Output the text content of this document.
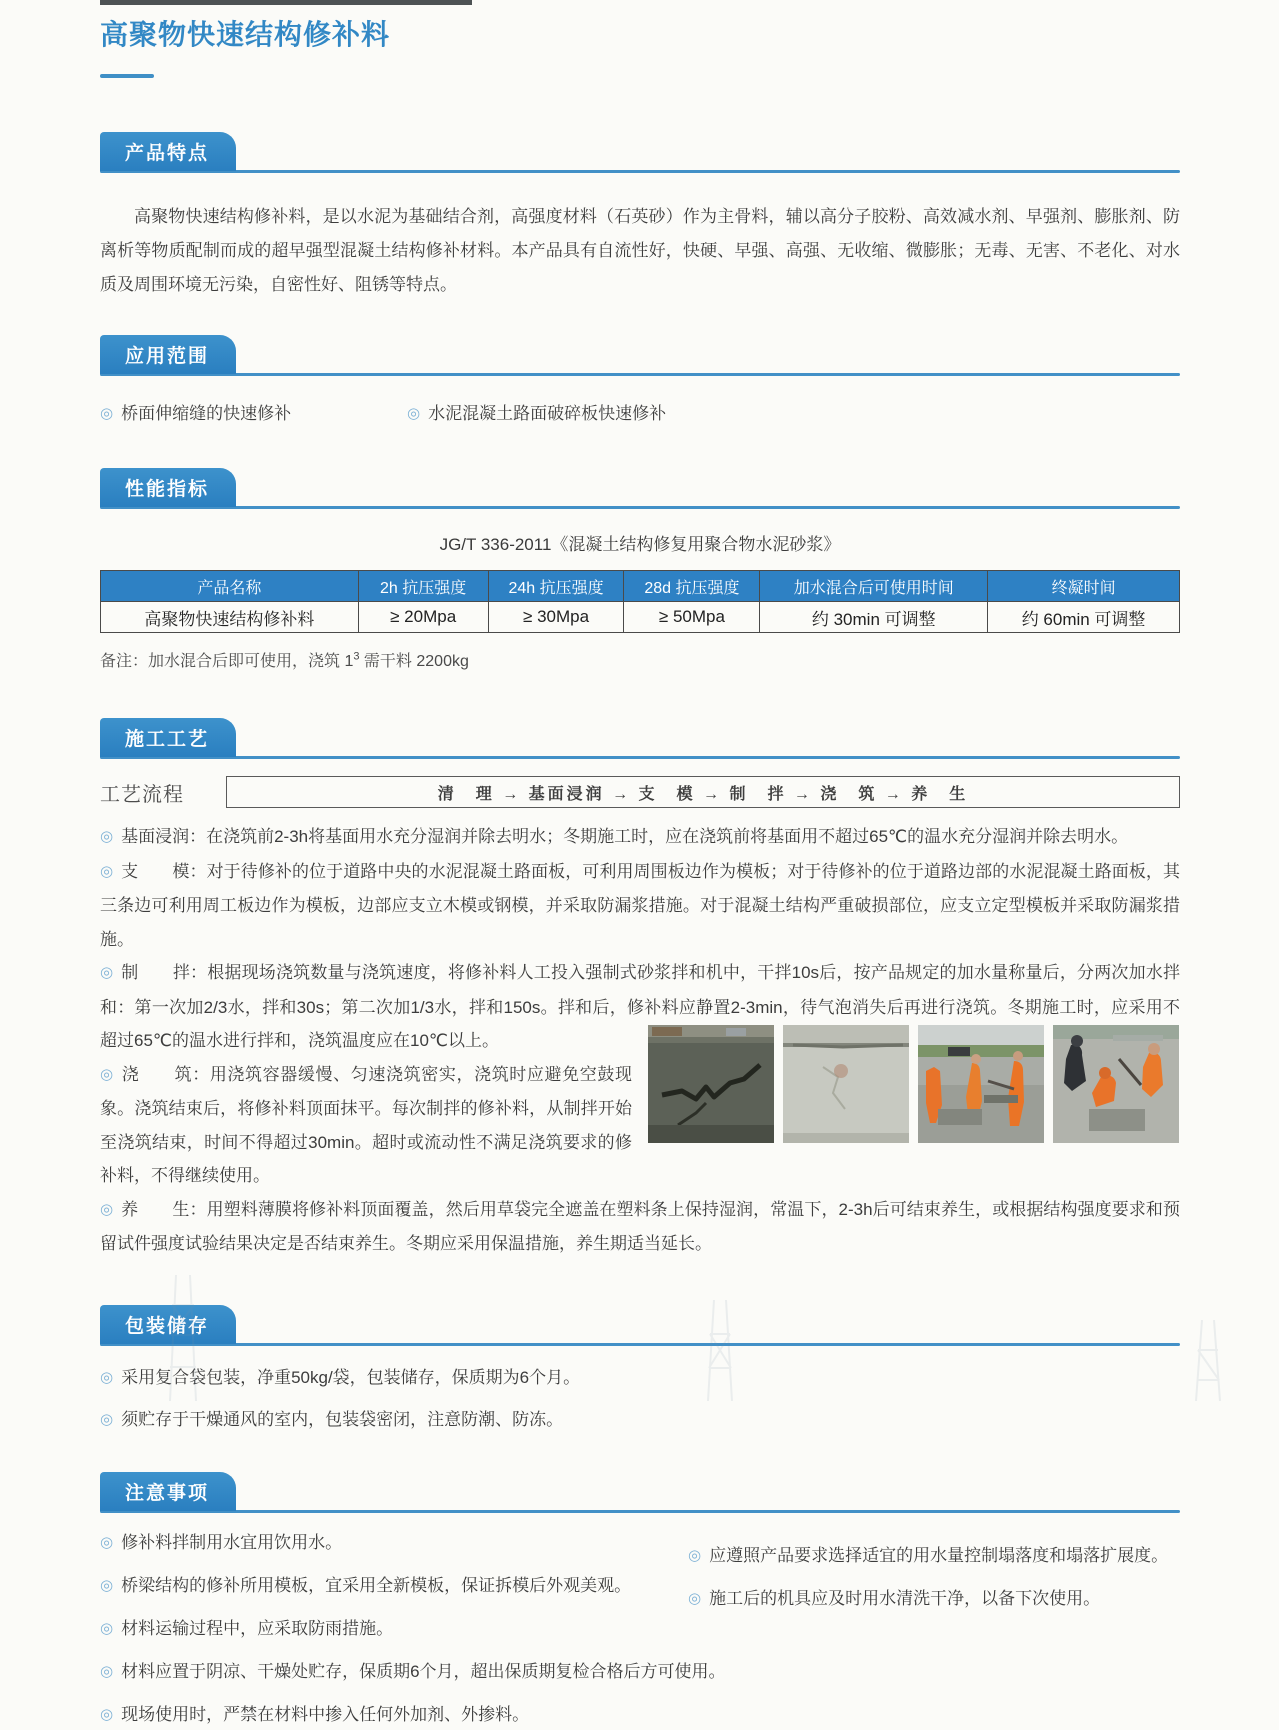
高聚物快速结构修补料
产品特点

高聚物快速结构修补料，是以水泥为基础结合剂，高强度材料（石英砂）作为主骨料，辅以高分子胶粉、高效减水剂、早强剂、膨胀剂、防离析等物质配制而成的超早强型混凝土结构修补材料。本产品具有自流性好，快硬、早强、高强、无收缩、微膨胀；无毒、无害、不老化、对水质及周围环境无污染，自密性好、阻锈等特点。

应用范围
◎ 桥面伸缩缝的快速修补	◎ 水泥混凝土路面破碎板快速修补
性能指标
JG/T 336-2011《混凝土结构修复用聚合物水泥砂浆》
产品名称	2h 抗压强度	24h 抗压强度	28d 抗压强度	加水混合后可使用时间	终凝时间
高聚物快速结构修补料	≥ 20Mpa	≥ 30Mpa	≥ 50Mpa	约 30min 可调整	约 60min 可调整
备注：加水混合后即可使用，浇筑 $1^3$ 需干料 2200kg
施工工艺
工艺流程	清　理 → 基面浸润 → 支　模 → 制　拌 → 浇　筑 → 养　生

◎ 基面浸润：在浇筑前2-3h将基面用水充分湿润并除去明水；冬期施工时，应在浇筑前将基面用不超过65℃的温水充分湿润并除去明水。

◎ 支　　模：对于待修补的位于道路中央的水泥混凝土路面板，可利用周围板边作为模板；对于待修补的位于道路边部的水泥混凝土路面板，其三条边可利用周工板边作为模板，边部应支立木模或钢模，并采取防漏浆措施。对于混凝土结构严重破损部位，应支立定型模板并采取防漏浆措施。

◎ 制　　拌：根据现场浇筑数量与浇筑速度，将修补料人工投入强制式砂浆拌和机中，干拌10s后，按产品规定的加水量称量后，分两次加水拌和：第一次加2/3水，拌和30s；第二次加1/3水，拌和150s。拌和后，修补料应静置2-3min，待气泡消失后再进行浇筑。冬期施工时，应采用不超过65℃的温水进行拌和，浇筑温度应在10℃以上。

◎ 浇　　筑：用浇筑容器缓慢、匀速浇筑密实，浇筑时应避免空鼓现象。浇筑结束后，将修补料顶面抹平。每次制拌的修补料，从制拌开始至浇筑结束，时间不得超过30min。超时或流动性不满足浇筑要求的修补料，不得继续使用。

◎ 养　　生：用塑料薄膜将修补料顶面覆盖，然后用草袋完全遮盖在塑料条上保持湿润，常温下，2-3h后可结束养生，或根据结构强度要求和预留试件强度试验结果决定是否结束养生。冬期应采用保温措施，养生期适当延长。

包装储存
◎ 采用复合袋包装，净重50kg/袋，包装储存，保质期为6个月。
◎ 须贮存于干燥通风的室内，包装袋密闭，注意防潮、防冻。
注意事项
◎ 修补料拌制用水宜用饮用水。
◎ 桥梁结构的修补所用模板，宜采用全新模板，保证拆模后外观美观。
◎ 材料运输过程中，应采取防雨措施。
◎ 材料应置于阴凉、干燥处贮存，保质期6个月，超出保质期复检合格后方可使用。
◎ 现场使用时，严禁在材料中掺入任何外加剂、外掺料。
◎ 应遵照产品要求选择适宜的用水量控制塌落度和塌落扩展度。
◎ 施工后的机具应及时用水清洗干净，以备下次使用。
